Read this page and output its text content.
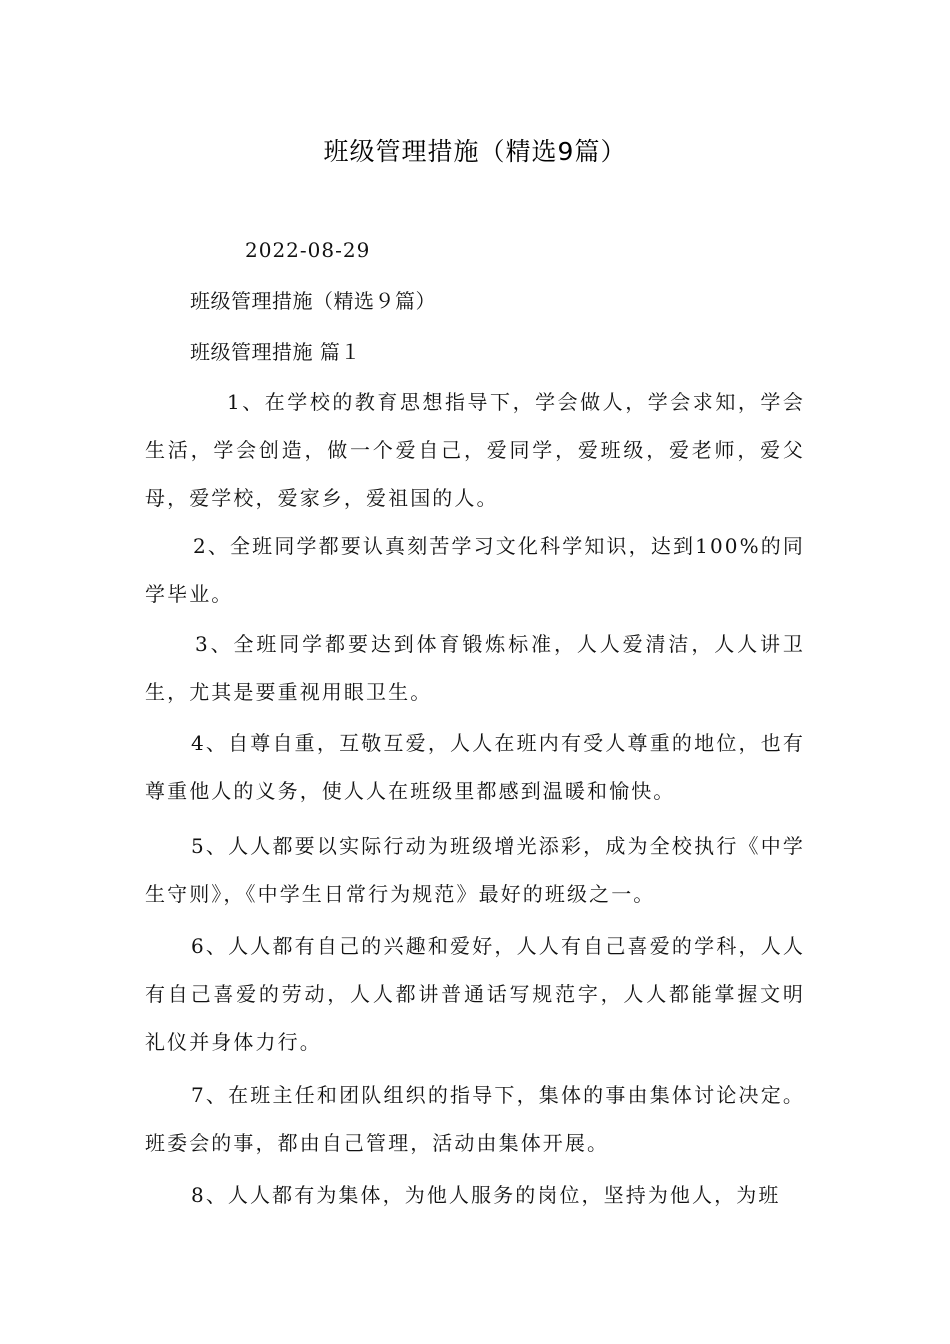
班级管理措施（精选9篇）
2022-08-29
班级管理措施（精选９篇）
班级管理措施 篇１
1、在学校的教育思想指导下，学会做人，学会求知，学会生活，学会创造，做一个爱自己，爱同学，爱班级，爱老师，爱父母，爱学校，爱家乡，爱祖国的人。
2、全班同学都要认真刻苦学习文化科学知识，达到100%的同学毕业。
3、全班同学都要达到体育锻炼标准，人人爱清洁，人人讲卫生，尤其是要重视用眼卫生。
4、自尊自重，互敬互爱，人人在班内有受人尊重的地位，也有尊重他人的义务，使人人在班级里都感到温暖和愉快。
5、人人都要以实际行动为班级增光添彩，成为全校执行《中学生守则》，《中学生日常行为规范》最好的班级之一。
6、人人都有自己的兴趣和爱好，人人有自己喜爱的学科，人人有自己喜爱的劳动，人人都讲普通话写规范字，人人都能掌握文明礼仪并身体力行。
7、在班主任和团队组织的指导下，集体的事由集体讨论决定。班委会的事，都由自己管理，活动由集体开展。
8、人人都有为集体，为他人服务的岗位，坚持为他人，为班
